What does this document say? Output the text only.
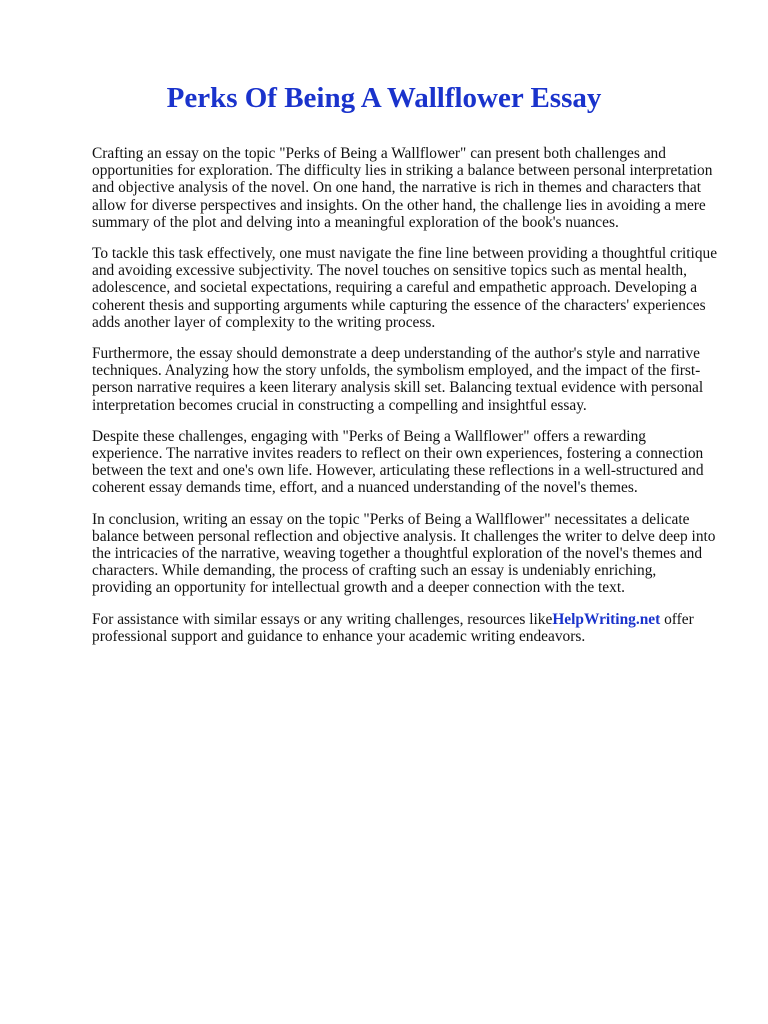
Perks Of Being A Wallflower Essay

Crafting an essay on the topic "Perks of Being a Wallflower" can present both challenges and opportunities for exploration. The difficulty lies in striking a balance between personal interpretation and objective analysis of the novel. On one hand, the narrative is rich in themes and characters that allow for diverse perspectives and insights. On the other hand, the challenge lies in avoiding a mere summary of the plot and delving into a meaningful exploration of the book's nuances.

To tackle this task effectively, one must navigate the fine line between providing a thoughtful critique and avoiding excessive subjectivity. The novel touches on sensitive topics such as mental health, adolescence, and societal expectations, requiring a careful and empathetic approach. Developing a coherent thesis and supporting arguments while capturing the essence of the characters' experiences adds another layer of complexity to the writing process.

Furthermore, the essay should demonstrate a deep understanding of the author's style and narrative techniques. Analyzing how the story unfolds, the symbolism employed, and the impact of the first-person narrative requires a keen literary analysis skill set. Balancing textual evidence with personal interpretation becomes crucial in constructing a compelling and insightful essay.

Despite these challenges, engaging with "Perks of Being a Wallflower" offers a rewarding experience. The narrative invites readers to reflect on their own experiences, fostering a connection between the text and one's own life. However, articulating these reflections in a well-structured and coherent essay demands time, effort, and a nuanced understanding of the novel's themes.

In conclusion, writing an essay on the topic "Perks of Being a Wallflower" necessitates a delicate balance between personal reflection and objective analysis. It challenges the writer to delve deep into the intricacies of the narrative, weaving together a thoughtful exploration of the novel's themes and characters. While demanding, the process of crafting such an essay is undeniably enriching, providing an opportunity for intellectual growth and a deeper connection with the text.

For assistance with similar essays or any writing challenges, resources likeHelpWriting.net offer professional support and guidance to enhance your academic writing endeavors.
